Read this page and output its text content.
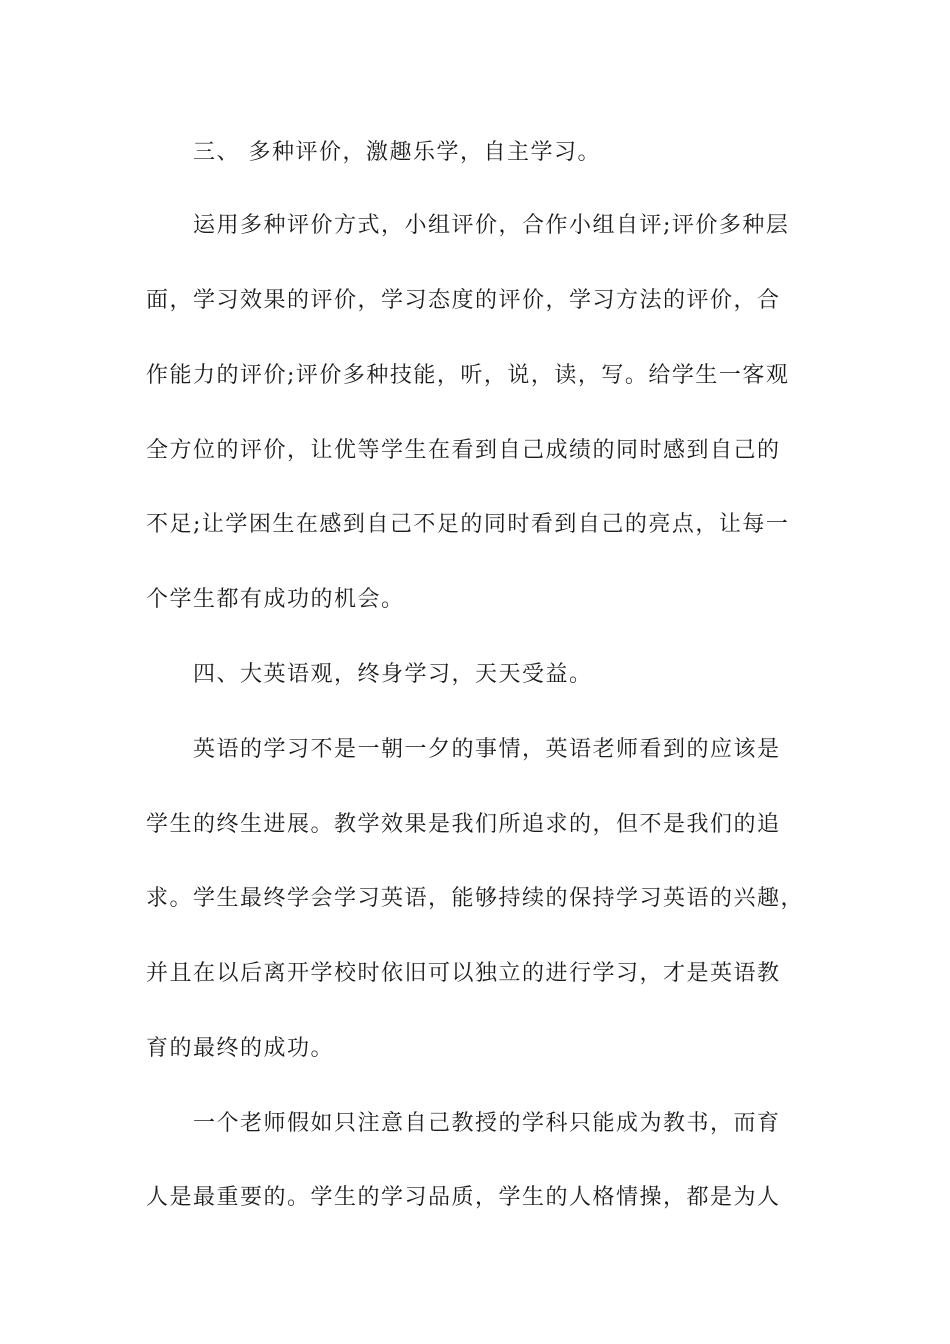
三、 多种评价，激趣乐学，自主学习。
运用多种评价方式，小组评价，合作小组自评;评价多种层
面，学习效果的评价，学习态度的评价，学习方法的评价，合
作能力的评价;评价多种技能，听，说，读，写。给学生一客观
全方位的评价，让优等学生在看到自己成绩的同时感到自己的
不足;让学困生在感到自己不足的同时看到自己的亮点，让每一
个学生都有成功的机会。
四、大英语观，终身学习，天天受益。
英语的学习不是一朝一夕的事情，英语老师看到的应该是
学生的终生进展。教学效果是我们所追求的，但不是我们的追
求。学生最终学会学习英语，能够持续的保持学习英语的兴趣，
并且在以后离开学校时依旧可以独立的进行学习，才是英语教
育的最终的成功。
一个老师假如只注意自己教授的学科只能成为教书，而育
人是最重要的。学生的学习品质，学生的人格情操，都是为人
